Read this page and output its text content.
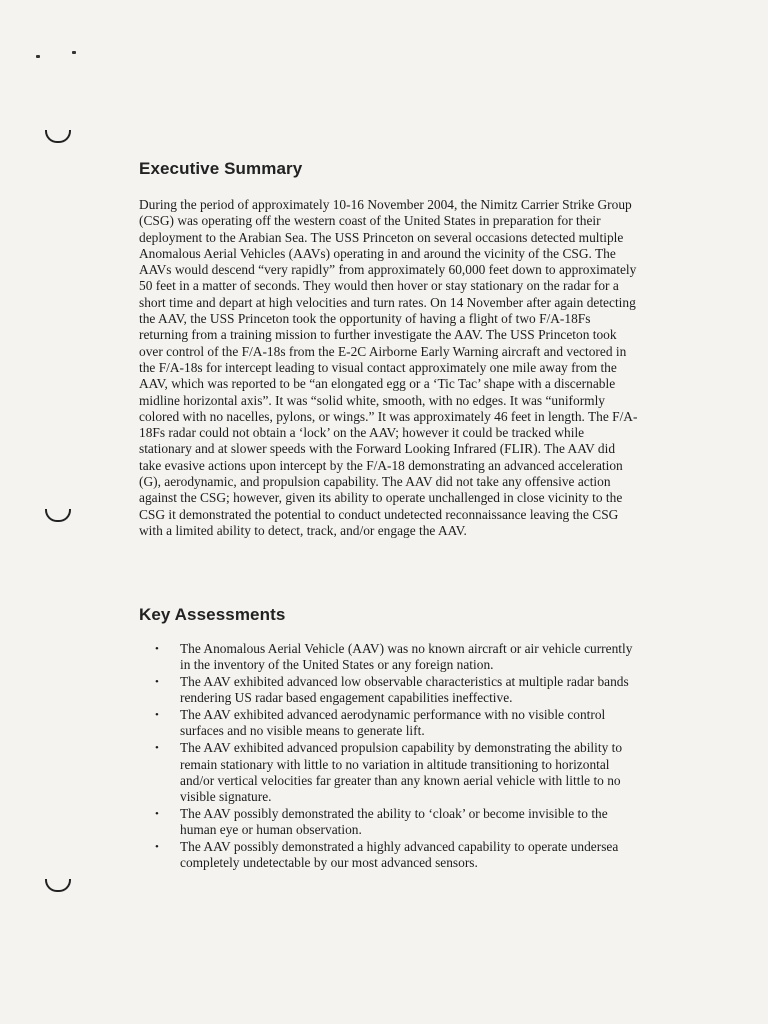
Executive Summary

During the period of approximately 10-16 November 2004, the Nimitz Carrier Strike Group (CSG) was operating off the western coast of the United States in preparation for their deployment to the Arabian Sea. The USS Princeton on several occasions detected multiple Anomalous Aerial Vehicles (AAVs) operating in and around the vicinity of the CSG. The AAVs would descend “very rapidly” from approximately 60,000 feet down to approximately 50 feet in a matter of seconds. They would then hover or stay stationary on the radar for a short time and depart at high velocities and turn rates. On 14 November after again detecting the AAV, the USS Princeton took the opportunity of having a flight of two F/A-18Fs returning from a training mission to further investigate the AAV. The USS Princeton took over control of the F/A-18s from the E-2C Airborne Early Warning aircraft and vectored in the F/A-18s for intercept leading to visual contact approximately one mile away from the AAV, which was reported to be “an elongated egg or a ‘Tic Tac’ shape with a discernable midline horizontal axis”. It was “solid white, smooth, with no edges. It was “uniformly colored with no nacelles, pylons, or wings.” It was approximately 46 feet in length. The F/A-18Fs radar could not obtain a ‘lock’ on the AAV; however it could be tracked while stationary and at slower speeds with the Forward Looking Infrared (FLIR). The AAV did take evasive actions upon intercept by the F/A-18 demonstrating an advanced acceleration (G), aerodynamic, and propulsion capability. The AAV did not take any offensive action against the CSG; however, given its ability to operate unchallenged in close vicinity to the CSG it demonstrated the potential to conduct undetected reconnaissance leaving the CSG with a limited ability to detect, track, and/or engage the AAV.

Key Assessments
• The Anomalous Aerial Vehicle (AAV) was no known aircraft or air vehicle currently in the inventory of the United States or any foreign nation.
• The AAV exhibited advanced low observable characteristics at multiple radar bands rendering US radar based engagement capabilities ineffective.
• The AAV exhibited advanced aerodynamic performance with no visible control surfaces and no visible means to generate lift.
• The AAV exhibited advanced propulsion capability by demonstrating the ability to remain stationary with little to no variation in altitude transitioning to horizontal and/or vertical velocities far greater than any known aerial vehicle with little to no visible signature.
• The AAV possibly demonstrated the ability to ‘cloak’ or become invisible to the human eye or human observation.
• The AAV possibly demonstrated a highly advanced capability to operate undersea completely undetectable by our most advanced sensors.
